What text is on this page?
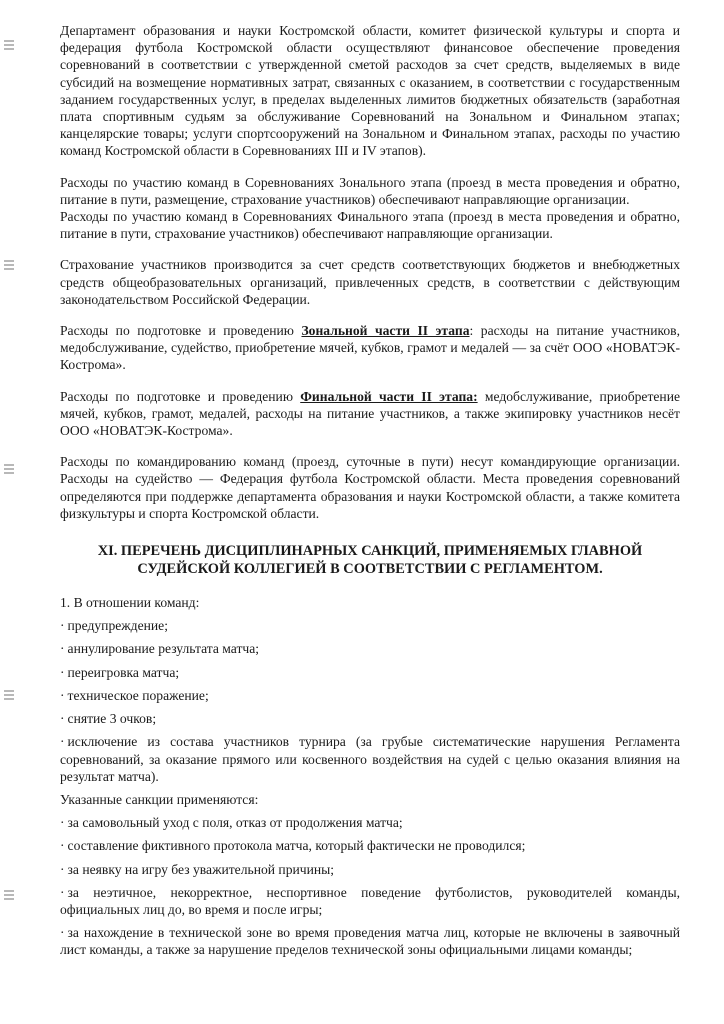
Департамент образования и науки Костромской области, комитет физической культуры и спорта и федерация футбола Костромской области осуществляют финансовое обеспечение проведения соревнований в соответствии с утвержденной сметой расходов за счет средств, выделяемых в виде субсидий на возмещение нормативных затрат, связанных с оказанием, в соответствии с государственным заданием государственных услуг, в пределах выделенных лимитов бюджетных обязательств (заработная плата спортивным судьям за обслуживание Соревнований на Зональном и Финальном этапах; канцелярские товары; услуги спортсооружений на Зональном и Финальном этапах, расходы по участию команд Костромской области в Соревнованиях III и IV этапов).

Расходы по участию команд в Соревнованиях Зонального этапа (проезд в места проведения и обратно, питание в пути, размещение, страхование участников) обеспечивают направляющие организации.

Расходы по участию команд в Соревнованиях Финального этапа (проезд в места проведения и обратно, питание в пути, страхование участников) обеспечивают направляющие организации.

Страхование участников производится за счет средств соответствующих бюджетов и внебюджетных средств общеобразовательных организаций, привлеченных средств, в соответствии с действующим законодательством Российской Федерации.

Расходы по подготовке и проведению Зональной части II этапа: расходы на питание участников, медобслуживание, судейство, приобретение мячей, кубков, грамот и медалей — за счёт ООО «НОВАТЭК-Кострома».

Расходы по подготовке и проведению Финальной части II этапа: медобслуживание, приобретение мячей, кубков, грамот, медалей, расходы на питание участников, а также экипировку участников несёт ООО «НОВАТЭК-Кострома».

Расходы по командированию команд (проезд, суточные в пути) несут командирующие организации. Расходы на судейство — Федерация футбола Костромской области. Места проведения соревнований определяются при поддержке департамента образования и науки Костромской области, а также комитета физкультуры и спорта Костромской области.

XI. ПЕРЕЧЕНЬ ДИСЦИПЛИНАРНЫХ САНКЦИЙ, ПРИМЕНЯЕМЫХ ГЛАВНОЙ
СУДЕЙСКОЙ КОЛЛЕГИЕЙ В СООТВЕТСТВИИ С РЕГЛАМЕНТОМ.
1. В отношении команд:
· предупреждение;
· аннулирование результата матча;
· переигровка матча;
· техническое поражение;
· снятие 3 очков;
· исключение из состава участников турнира (за грубые систематические нарушения Регламента соревнований, за оказание прямого или косвенного воздействия на судей с целью оказания влияния на результат матча).
Указанные санкции применяются:
· за самовольный уход с поля, отказ от продолжения матча;
· составление фиктивного протокола матча, который фактически не проводился;
· за неявку на игру без уважительной причины;
· за неэтичное, некорректное, неспортивное поведение футболистов, руководителей команды, официальных лиц до, во время и после игры;
· за нахождение в технической зоне во время проведения матча лиц, которые не включены в заявочный лист команды, а также за нарушение пределов технической зоны официальными лицами команды;
